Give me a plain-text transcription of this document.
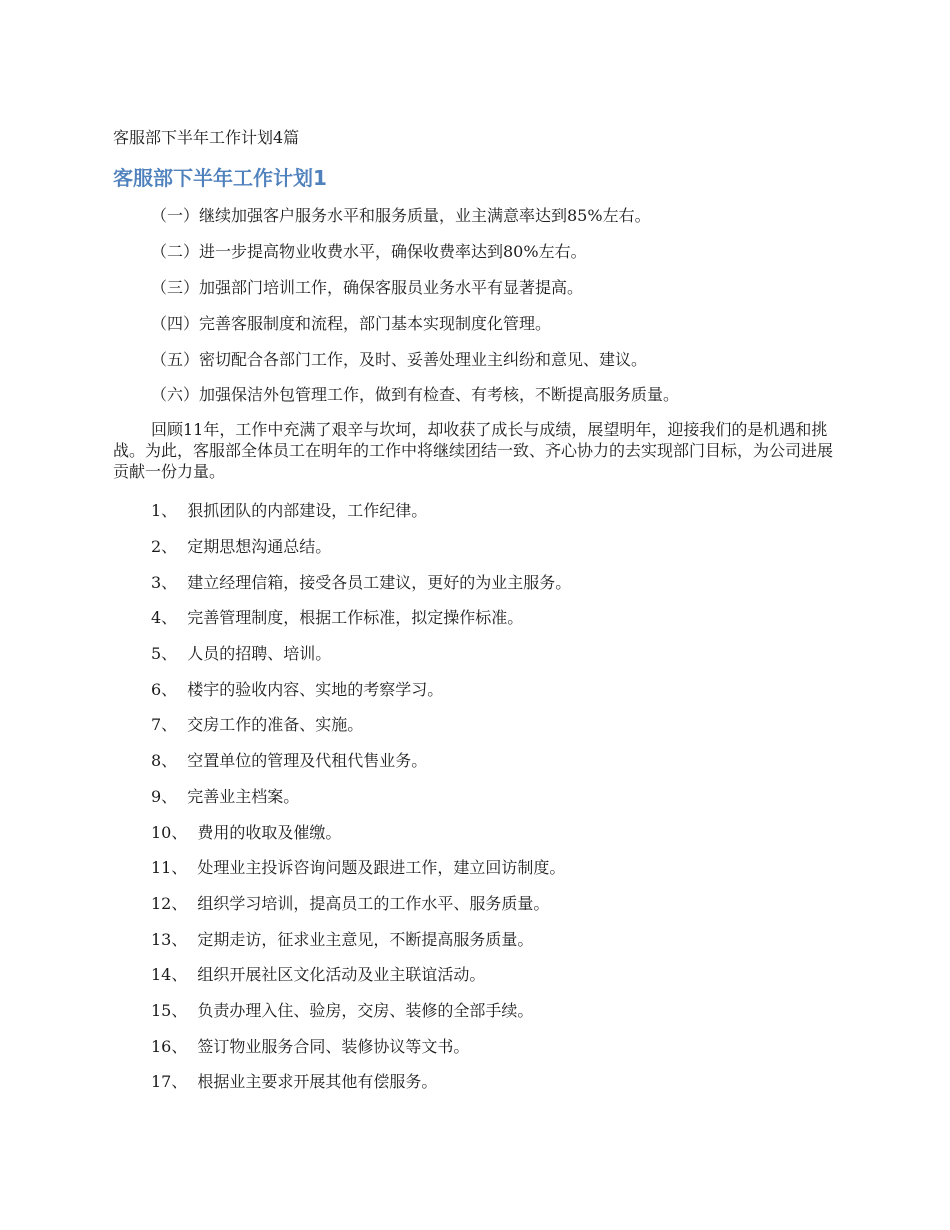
客服部下半年工作计划4篇
客服部下半年工作计划1
（一）继续加强客户服务水平和服务质量，业主满意率达到85%左右。
（二）进一步提高物业收费水平，确保收费率达到80%左右。
（三）加强部门培训工作，确保客服员业务水平有显著提高。
（四）完善客服制度和流程，部门基本实现制度化管理。
（五）密切配合各部门工作，及时、妥善处理业主纠纷和意见、建议。
（六）加强保洁外包管理工作，做到有检查、有考核，不断提高服务质量。
回顾11年，工作中充满了艰辛与坎坷，却收获了成长与成绩，展望明年，迎接我们的是机遇和挑战。为此，客服部全体员工在明年的工作中将继续团结一致、齐心协力的去实现部门目标，为公司进展贡献一份力量。
1、 狠抓团队的内部建设，工作纪律。
2、 定期思想沟通总结。
3、 建立经理信箱，接受各员工建议，更好的为业主服务。
4、 完善管理制度，根据工作标准，拟定操作标准。
5、 人员的招聘、培训。
6、 楼宇的验收内容、实地的考察学习。
7、 交房工作的准备、实施。
8、 空置单位的管理及代租代售业务。
9、 完善业主档案。
10、 费用的收取及催缴。
11、 处理业主投诉咨询问题及跟进工作，建立回访制度。
12、 组织学习培训，提高员工的工作水平、服务质量。
13、 定期走访，征求业主意见，不断提高服务质量。
14、 组织开展社区文化活动及业主联谊活动。
15、 负责办理入住、验房，交房、装修的全部手续。
16、 签订物业服务合同、装修协议等文书。
17、 根据业主要求开展其他有偿服务。
